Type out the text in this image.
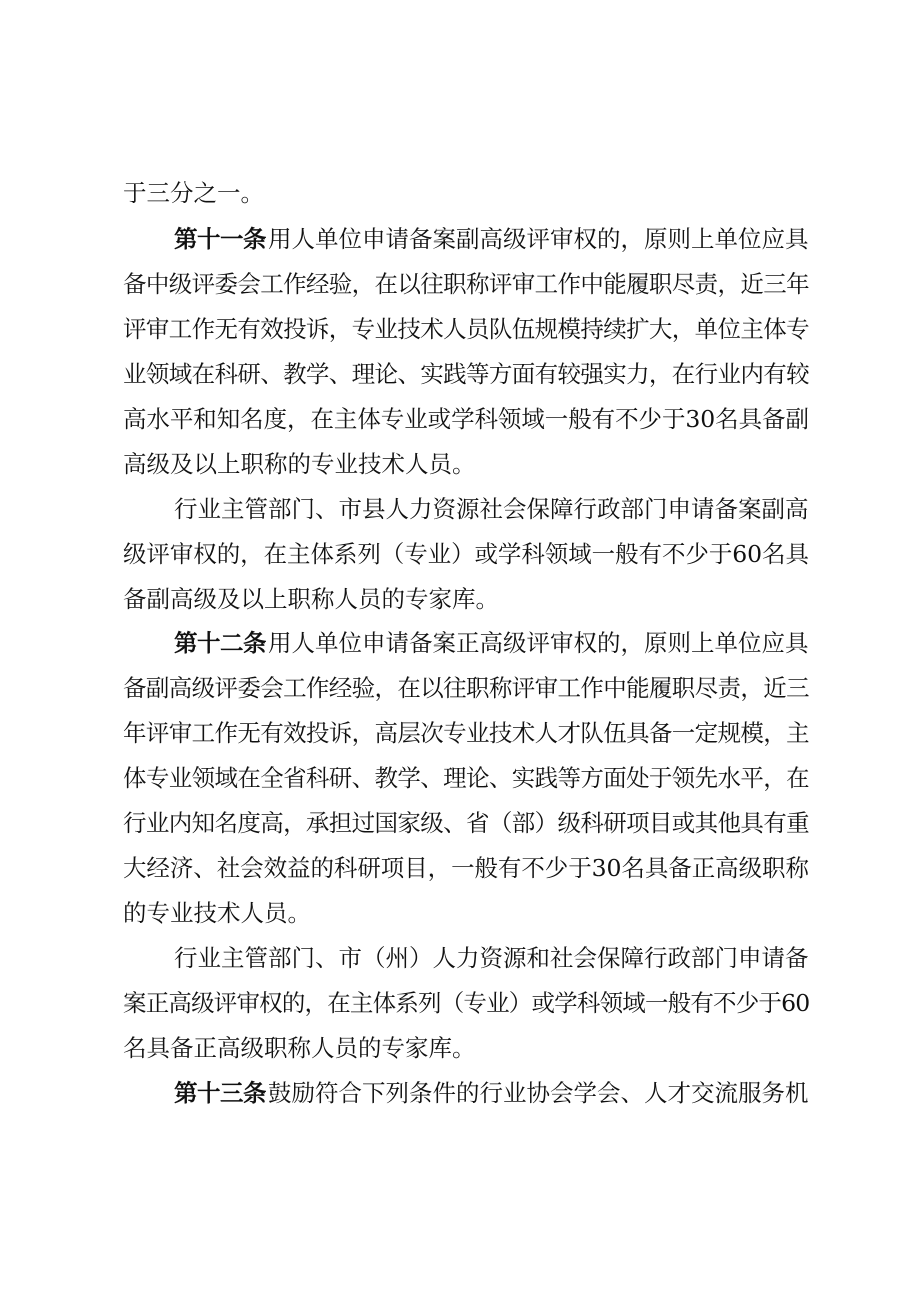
于三分之一。
第十一条 用人单位申请备案副高级评审权的，原则上单位应具
备中级评委会工作经验，在以往职称评审工作中能履职尽责，近三年
评审工作无有效投诉，专业技术人员队伍规模持续扩大，单位主体专
业领域在科研、教学、理论、实践等方面有较强实力，在行业内有较
高水平和知名度，在主体专业或学科领域一般有不少于30名具备副
高级及以上职称的专业技术人员。
行业主管部门、市县人力资源社会保障行政部门申请备案副高
级评审权的，在主体系列（专业）或学科领域一般有不少于60名具
备副高级及以上职称人员的专家库。
第十二条 用人单位申请备案正高级评审权的，原则上单位应具
备副高级评委会工作经验，在以往职称评审工作中能履职尽责，近三
年评审工作无有效投诉，高层次专业技术人才队伍具备一定规模，主
体专业领域在全省科研、教学、理论、实践等方面处于领先水平，在
行业内知名度高，承担过国家级、省（部）级科研项目或其他具有重
大经济、社会效益的科研项目，一般有不少于30名具备正高级职称
的专业技术人员。
行业主管部门、市（州）人力资源和社会保障行政部门申请备
案正高级评审权的，在主体系列（专业）或学科领域一般有不少于60
名具备正高级职称人员的专家库。
第十三条 鼓励符合下列条件的行业协会学会、人才交流服务机
